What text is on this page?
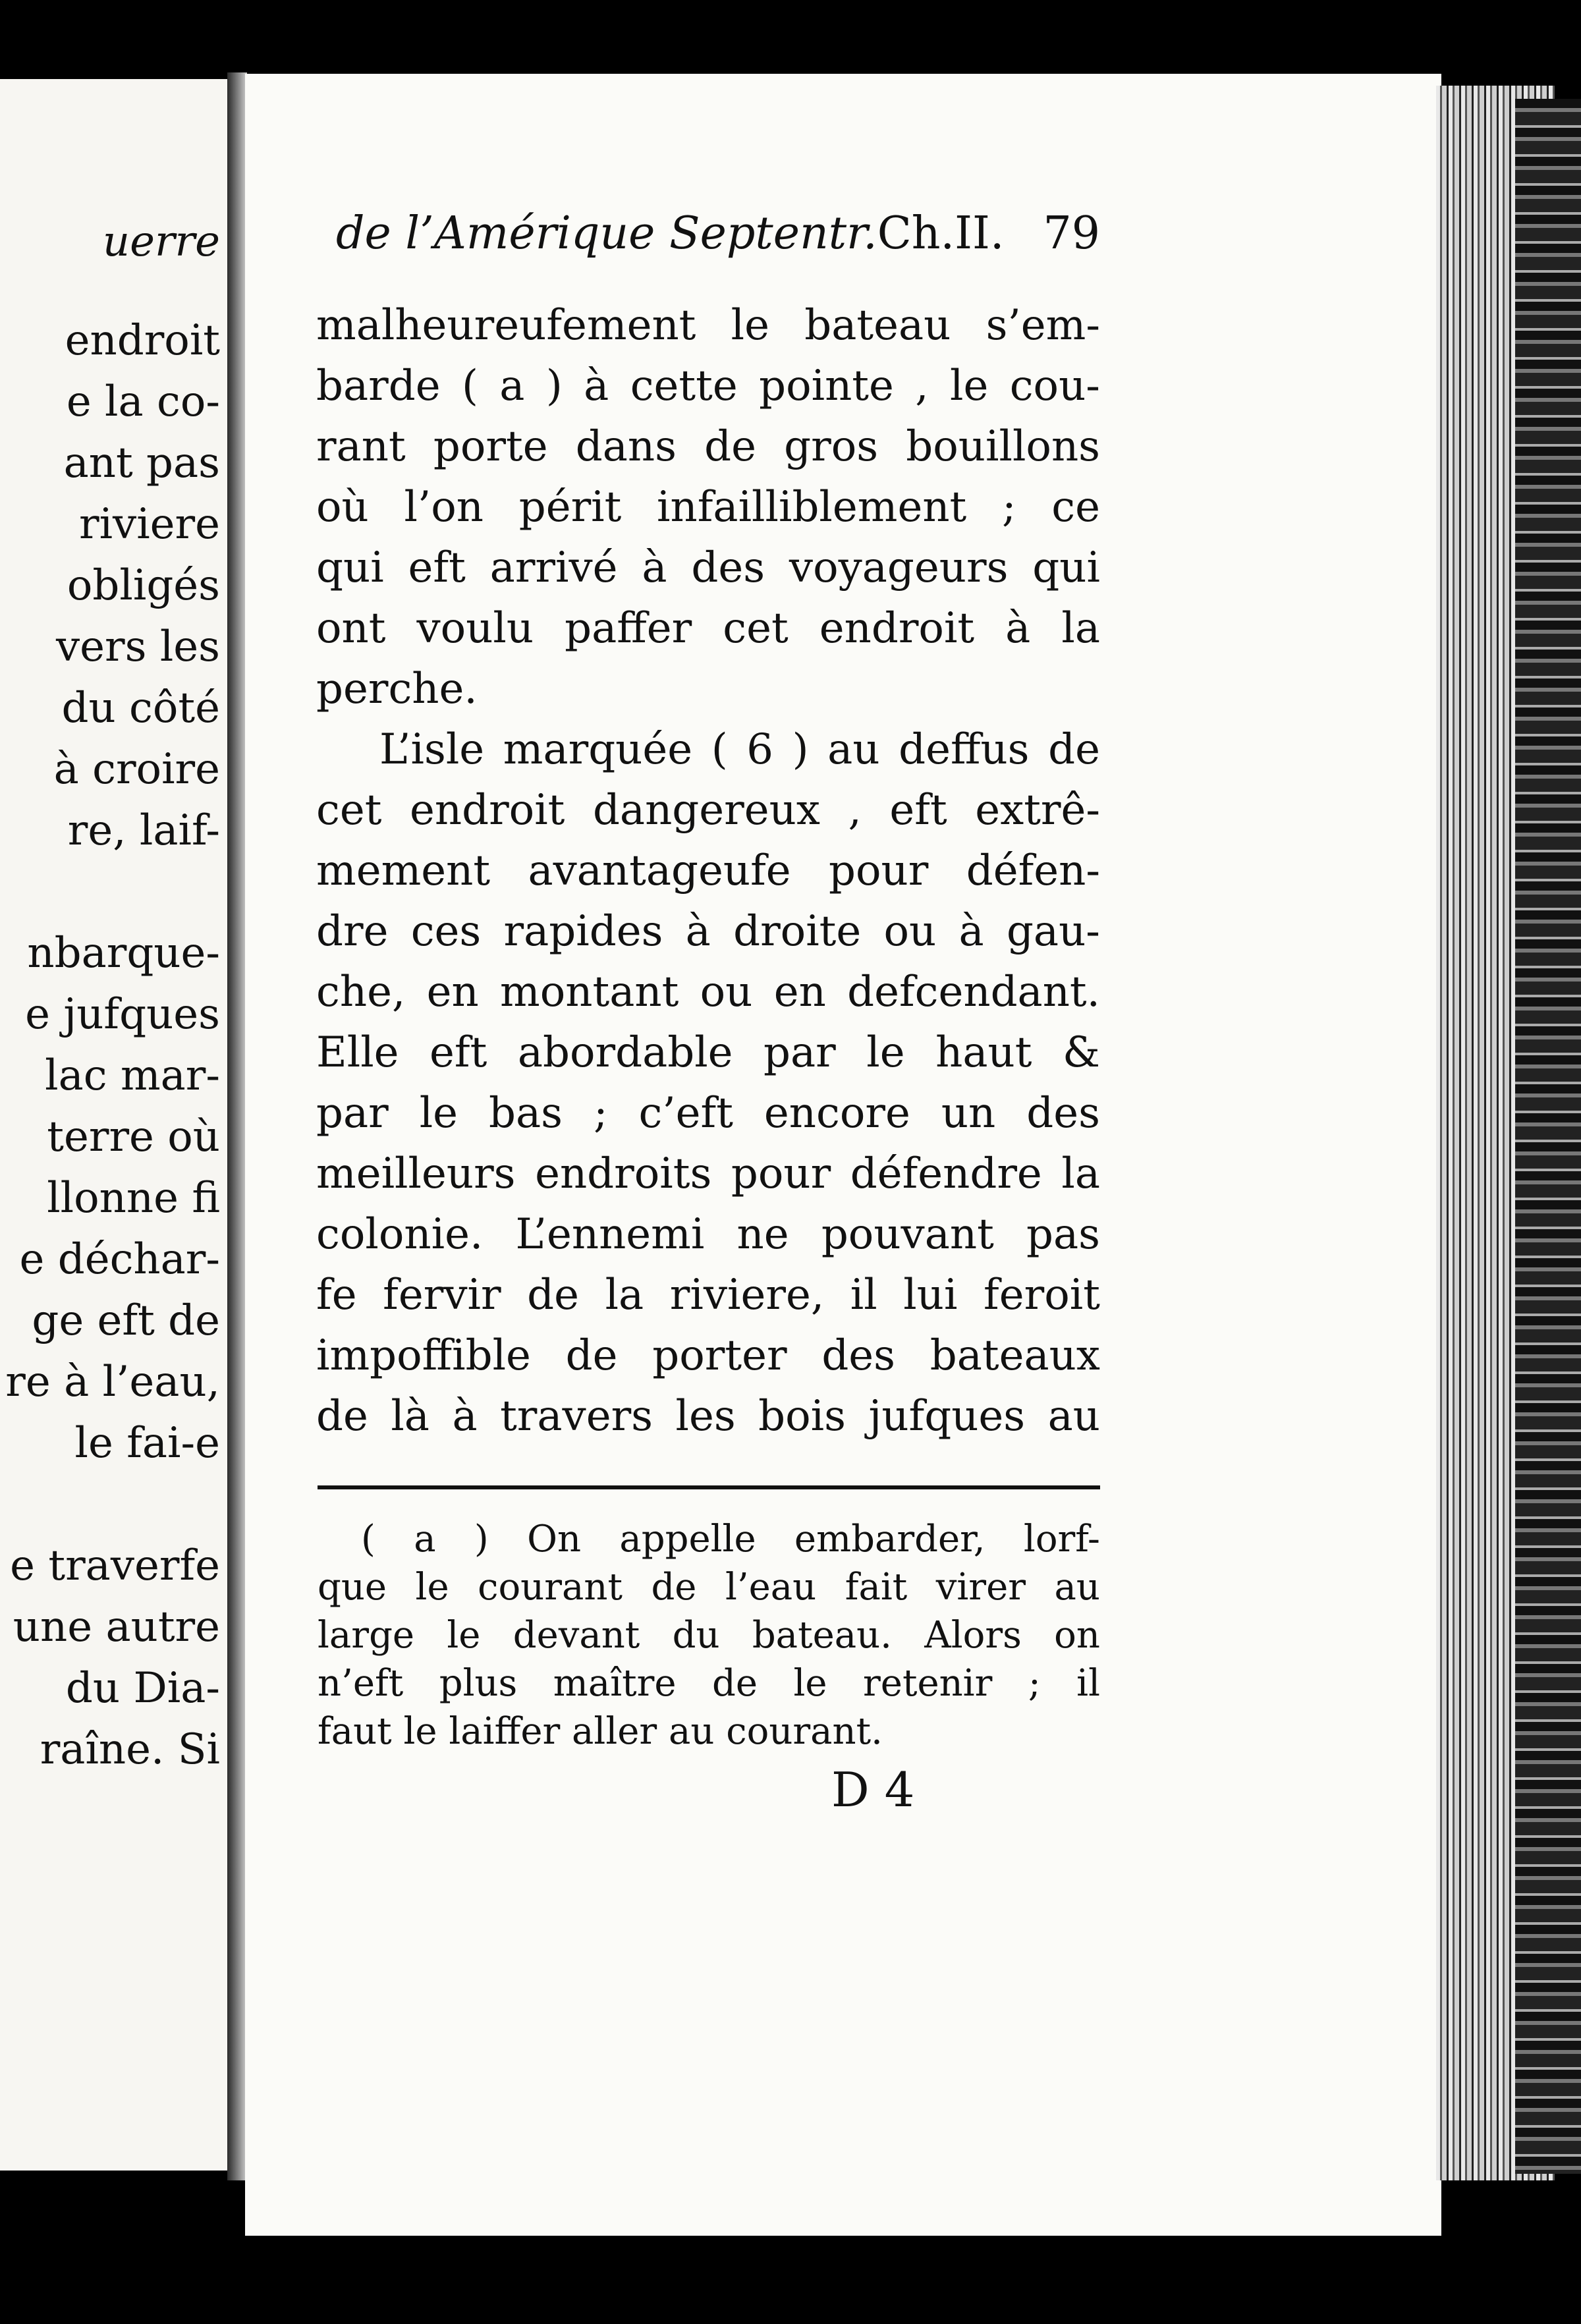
uerre
endroit
e la co-
ant pas
riviere
obligés
vers les
du côté
à croire
re, laif-
nbarque-
e jufques
lac mar-
terre où
llonne fi
e déchar-
ge eft de
re à l’eau,
le fai-e
e traverfe
une autre
du Dia-
raîne. Si
de l’Amérique Septentr.Ch.II. 79
malheureufement le bateau s’em-
barde ( a ) à cette pointe , le cou-
rant porte dans de gros bouillons
où l’on périt infailliblement ; ce
qui eft arrivé à des voyageurs qui
ont voulu paffer cet endroit à la
perche.
L’isle marquée ( 6 ) au deffus de
cet endroit dangereux , eft extrê-
mement avantageufe pour défen-
dre ces rapides à droite ou à gau-
che, en montant ou en defcendant.
Elle eft abordable par le haut &
par le bas ; c’eft encore un des
meilleurs endroits pour défendre la
colonie. L’ennemi ne pouvant pas
fe fervir de la riviere, il lui feroit
impoffible de porter des bateaux
de là à travers les bois jufques au
( a ) On appelle embarder, lorf-
que le courant de l’eau fait virer au
large le devant du bateau. Alors on
n’eft plus maître de le retenir ; il
faut le laiffer aller au courant.
D 4
